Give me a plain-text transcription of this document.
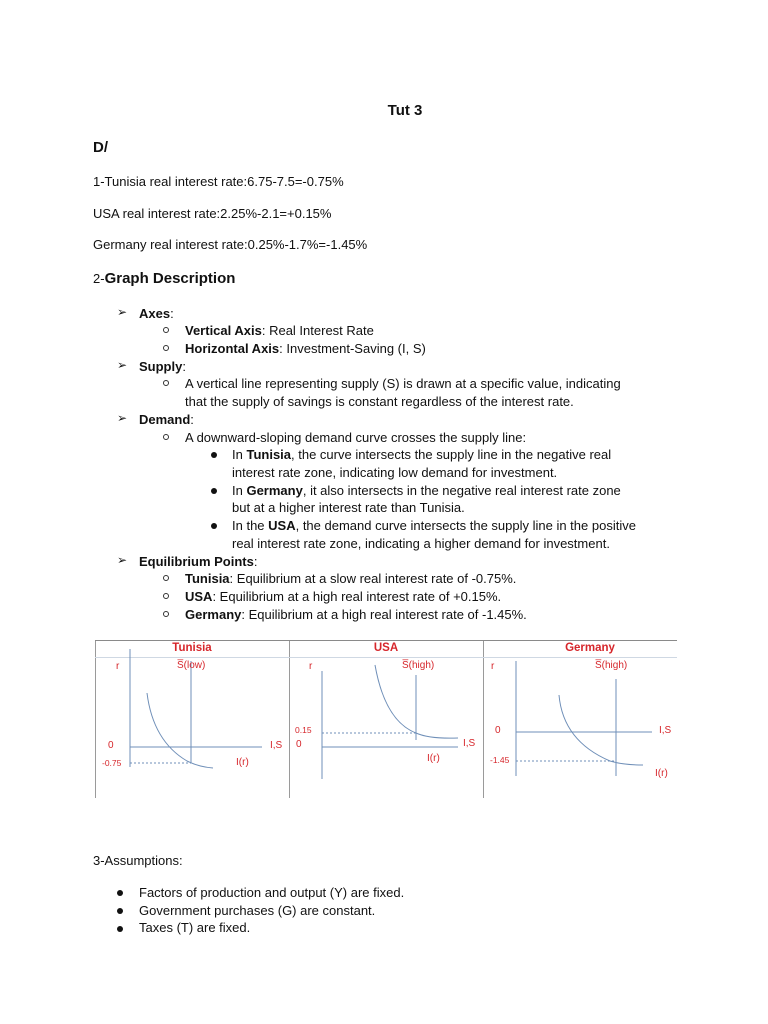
Tut 3
D/
1-Tunisia real interest rate:6.75-7.5=-0.75%
USA real interest rate:2.25%-2.1=+0.15%
Germany real interest rate:0.25%-1.7%=-1.45%
2-Graph Description
➢ Axes:
Vertical Axis: Real Interest Rate
Horizontal Axis: Investment-Saving (I, S)
➢ Supply:
A vertical line representing supply (S) is drawn at a specific value, indicating
that the supply of savings is constant regardless of the interest rate.
➢ Demand:
A downward-sloping demand curve crosses the supply line:
In Tunisia, the curve intersects the supply line in the negative real
interest rate zone, indicating low demand for investment.
In Germany, it also intersects in the negative real interest rate zone
but at a higher interest rate than Tunisia.
In the USA, the demand curve intersects the supply line in the positive
real interest rate zone, indicating a higher demand for investment.
➢ Equilibrium Points:
Tunisia: Equilibrium at a slow real interest rate of -0.75%.
USA: Equilibrium at a high real interest rate of +0.15%.
Germany: Equilibrium at a high real interest rate of -1.45%.
Tunisia
r	S̅(low)
0
-0.75
I,S
I(r)
USA
r	S̅(high)
0.15
0	I,S
I(r)
Germany
r	S̅(high)
0
-1.45
I,S
I(r)
3-Assumptions:
Factors of production and output (Y) are fixed.
Government purchases (G) are constant.
Taxes (T) are fixed.
